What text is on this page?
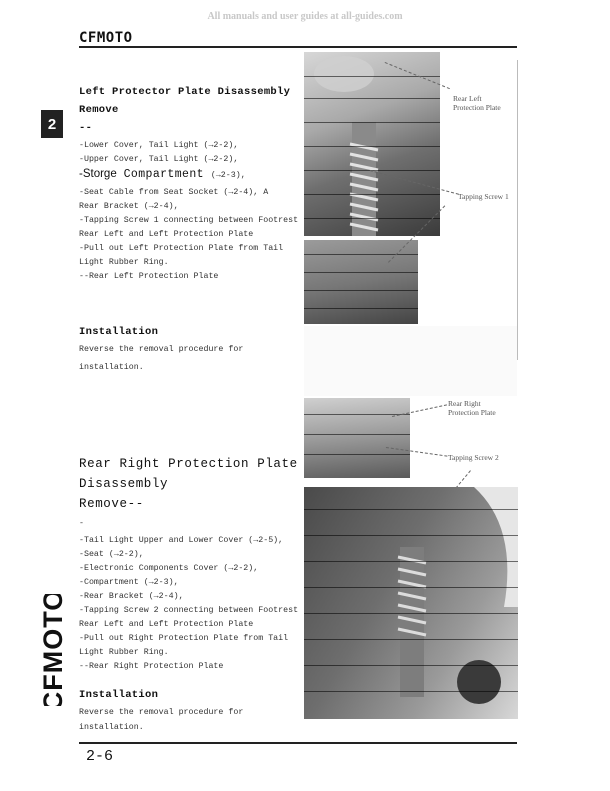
All manuals and user guides at all-guides.com
CFMOTO
2
CFMOTO
Left Protector Plate Disassembly
Remove
--
-Lower Cover, Tail Light (→2-2),
-Upper Cover, Tail Light (→2-2),
-Storge Compartment (→2-3),
-Seat Cable from Seat Socket (→2-4), A
Rear Bracket (→2-4),
-Tapping Screw 1 connecting between Footrest
Rear Left and Left Protection Plate
-Pull out Left Protection Plate from Tail
Light Rubber Ring.
--Rear Left Protection Plate
Installation
Reverse the removal procedure for
installation.
Rear Right Protection Plate
Disassembly
Remove--
-
-Tail Light Upper and Lower Cover (→2-5),
-Seat (→2-2),
-Electronic Components Cover (→2-2),
-Compartment (→2-3),
-Rear Bracket (→2-4),
-Tapping Screw 2 connecting between Footrest
Rear Left and Left Protection Plate
-Pull out Right Protection Plate from Tail
Light Rubber Ring.
--Rear Right Protection Plate
Installation
Reverse the removal procedure for
installation.
Rear Left
Protection Plate
Tapping Screw 1
Rear Right
Protection Plate
Tapping Screw 2
2-6
